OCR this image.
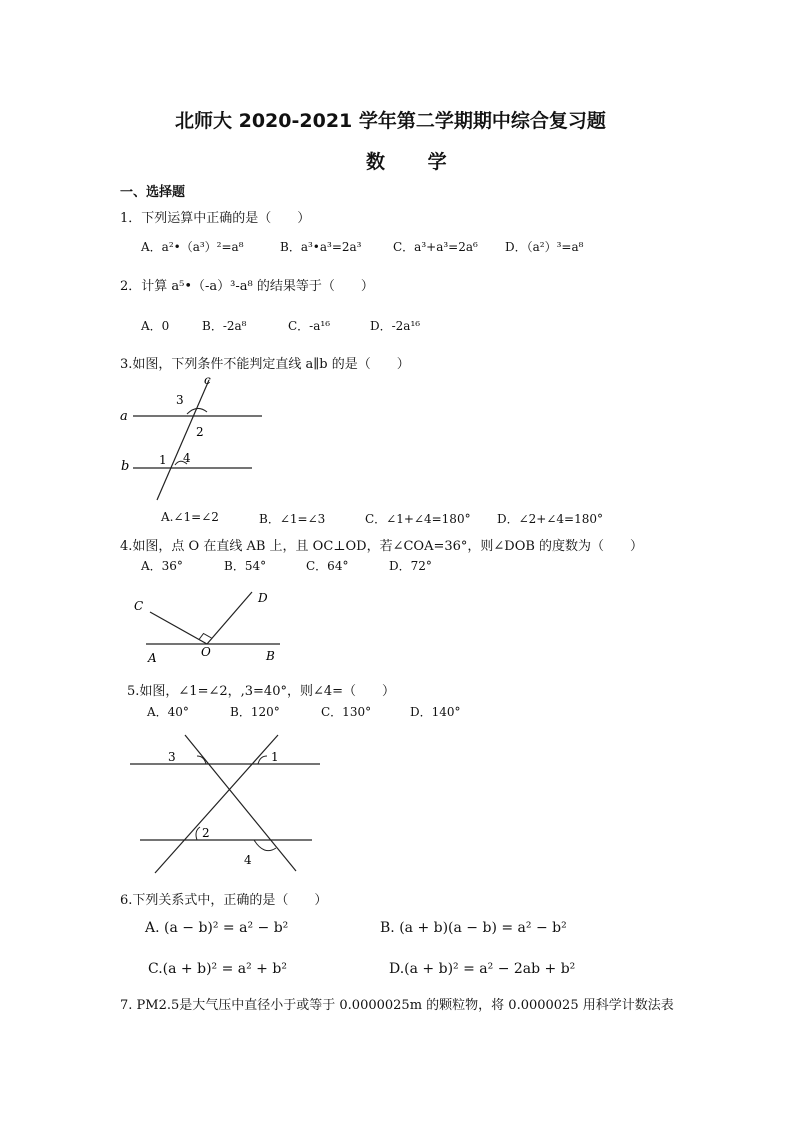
北师大 2020-2021 学年第二学期期中综合复习题
数 学
一、选择题
1．下列运算中正确的是（　　）
A．a²•（a³）²=a⁸	B．a³•a³=2a³	C．a³+a³=2a⁶ D．（a²）³=a⁸
2．计算 a⁵•（-a）³-a⁸ 的结果等于（　　）
A．0	B．-2a⁸	C．-a¹⁶	D．-2a¹⁶
3.如图，下列条件不能判定直线 a∥b 的是（　　）
a
b
c
1
2
3
4
A.∠1=∠2	B．∠1=∠3	C．∠1+∠4=180° D．∠2+∠4=180°
4.如图，点 O 在直线 AB 上，且 OC⊥OD，若∠COA=36°，则∠DOB 的度数为（　　）
A．36°	B．54°	C．64°	D．72°
C
D
A	O	B
5.如图，∠1=∠2，,3=40°，则∠4=（　　）
A．40°	B．120°	C．130°	D．140°
3	1
2
4
6.下列关系式中，正确的是（　　）
A. (a − b)² = a² − b²	B. (a + b)(a − b) = a² − b²
C.(a + b)² = a² + b²	D.(a + b)² = a² − 2ab + b²
7. PM2.5是大气压中直径小于或等于 0.0000025m 的颗粒物，将 0.0000025 用科学计数法表
